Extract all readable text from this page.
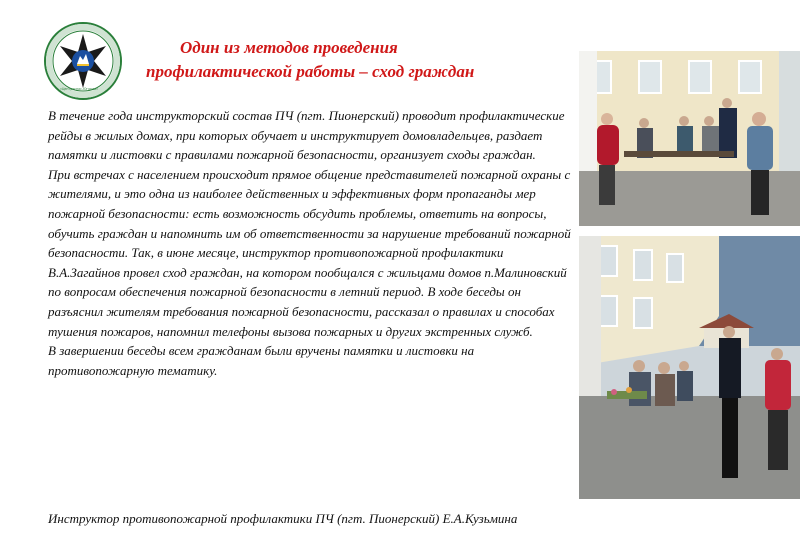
«Центроспас-Югория»
Один из методов проведения
профилактической работы – сход граждан

В течение года инструкторский состав ПЧ (пгт. Пионерский) проводит профилактические рейды в жилых домах, при которых обучает и инструктирует домовладельцев, раздает памятки и листовки с правилами пожарной безопасности, организует сходы граждан.

При встречах с населением происходит прямое общение представителей пожарной охраны с жителями, и это одна из наиболее действенных и эффективных форм пропаганды мер пожарной безопасности: есть возможность обсудить проблемы, ответить на вопросы, обучить граждан и напомнить им об ответственности за нарушение требований пожарной безопасности. Так, в июне месяце, инструктор противопожарной профилактики В.А.Загайнов провел сход граждан, на котором пообщался с жильцами домов п.Малиновский по вопросам обеспечения пожарной безопасности в летний период. В ходе беседы он разъяснил жителям требования пожарной безопасности, рассказал о правилах и способах тушения пожаров, напомнил телефоны вызова пожарных и других экстренных служб.

В завершении беседы всем гражданам были вручены памятки и листовки на противопожарную тематику.

Инструктор противопожарной профилактики ПЧ (пгт. Пионерский) Е.А.Кузьмина
